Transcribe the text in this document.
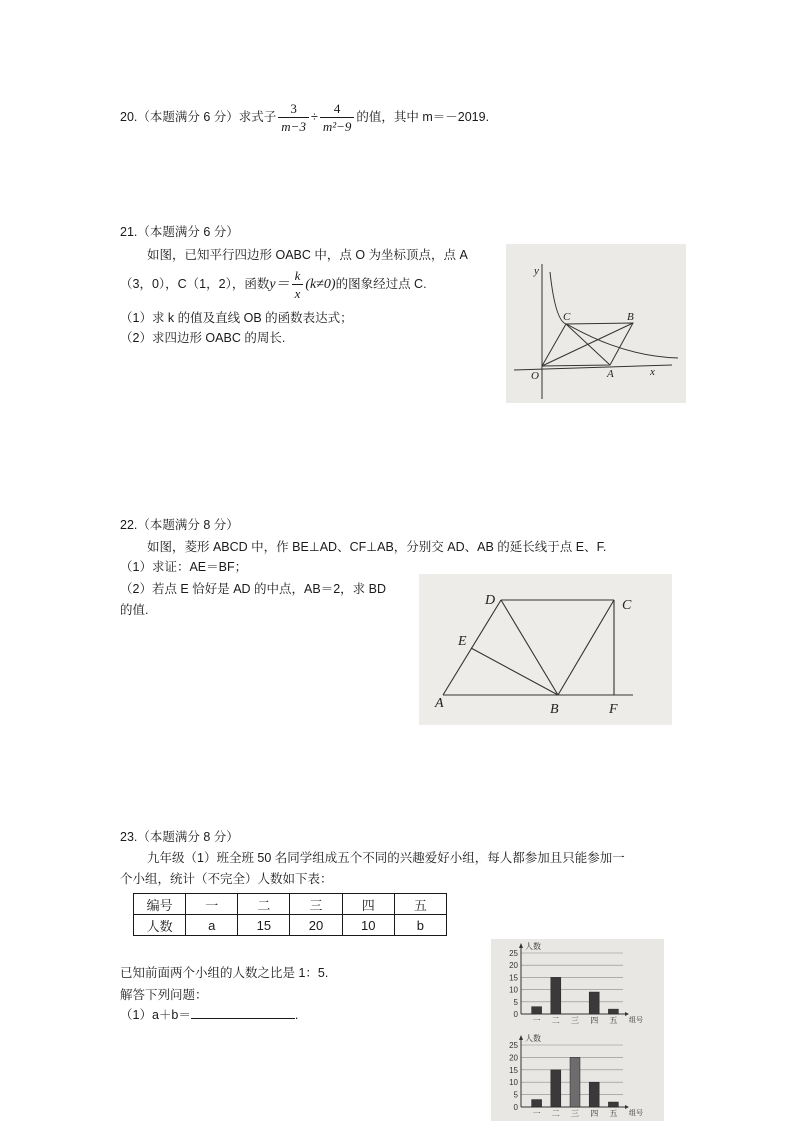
20.（本题满分 6 分）求式子 $\frac{3}{m-3} \div \frac{4}{\text{m²−9}}$ 的值，其中 m＝－2019.
21.（本题满分 6 分）
如图，已知平行四边形 OABC 中，点 O 为坐标顶点，点 A
（3，0），C（1，2），函数$y= \frac{k}{x} (k\ne 0)$的图象经过点 C.
（1）求 k 的值及直线 OB 的函数表达式；
（2）求四边形 OABC 的周长.
y
x
O	A
B
C
22.（本题满分 8 分）
如图，菱形 ABCD 中，作 BE⊥AD、CF⊥AB，分别交 AD、AB 的延长线于点 E、F.
（1）求证：AE＝BF；
（2）若点 E 恰好是 AD 的中点，AB＝2，求 BD
的值.
A	B
C
D
E
F
23.（本题满分 8 分）
九年级（1）班全班 50 名同学组成五个不同的兴趣爱好小组，每人都参加且只能参加一
个小组，统计（不完全）人数如下表：
编号	一	二	三	四	五
人数	a	15	20	10	b
已知前面两个小组的人数之比是 1：5.
解答下列问题：
（1）a＋b＝	.	0
5
10
15
20
25
人数
组号
一 二 三 四 五
0
5
10
15
20
25
人数
组号
一 二 三 四 五
